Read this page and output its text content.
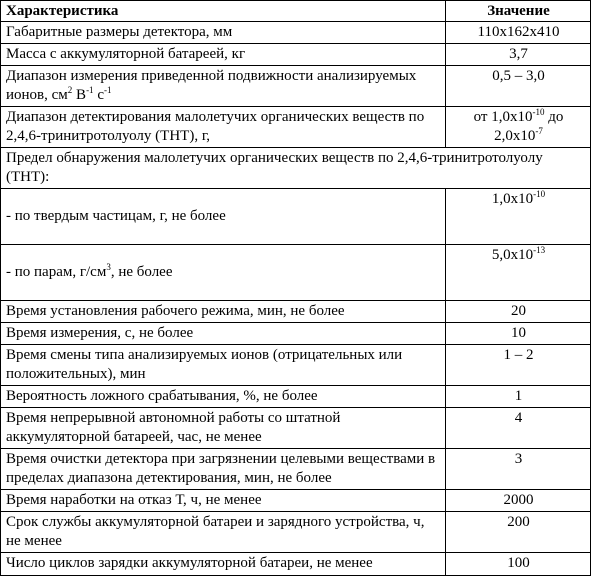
Характеристика	Значение
Габаритные размеры детектора, мм	110х162х410
Масса с аккумуляторной батареей, кг	3,7
Диапазон измерения приведенной подвижности анализируемых ионов, $см^2$ $В^{-1}$ $с^{-1}$	0,5 – 3,0
Диапазон детектирования малолетучих органических веществ по 2,4,6-тринитротолуолу (ТНТ), г,	от $1,0x10^{-10}$ до $2,0x10^{-7}$
Предел обнаружения малолетучих органических веществ по 2,4,6-тринитротолуолу (ТНТ):	
- по твердым частицам, г, не более	$1,0x10^{-10}$
- по парам, $г/см^3$, не более	$5,0x10^{-13}$
Время установления рабочего режима, мин, не более	20
Время измерения, с, не более	10
Время смены типа анализируемых ионов (отрицательных или положительных), мин	1 – 2
Вероятность ложного срабатывания, %, не более	1
Время непрерывной автономной работы со штатной аккумуляторной батареей, час, не менее	4
Время очистки детектора при загрязнении целевыми веществами в пределах диапазона детектирования, мин, не более	3
Время наработки на отказ Т, ч, не менее	2000
Срок службы аккумуляторной батареи и зарядного устройства, ч, не менее	200
Число циклов зарядки аккумуляторной батареи, не менее	100
